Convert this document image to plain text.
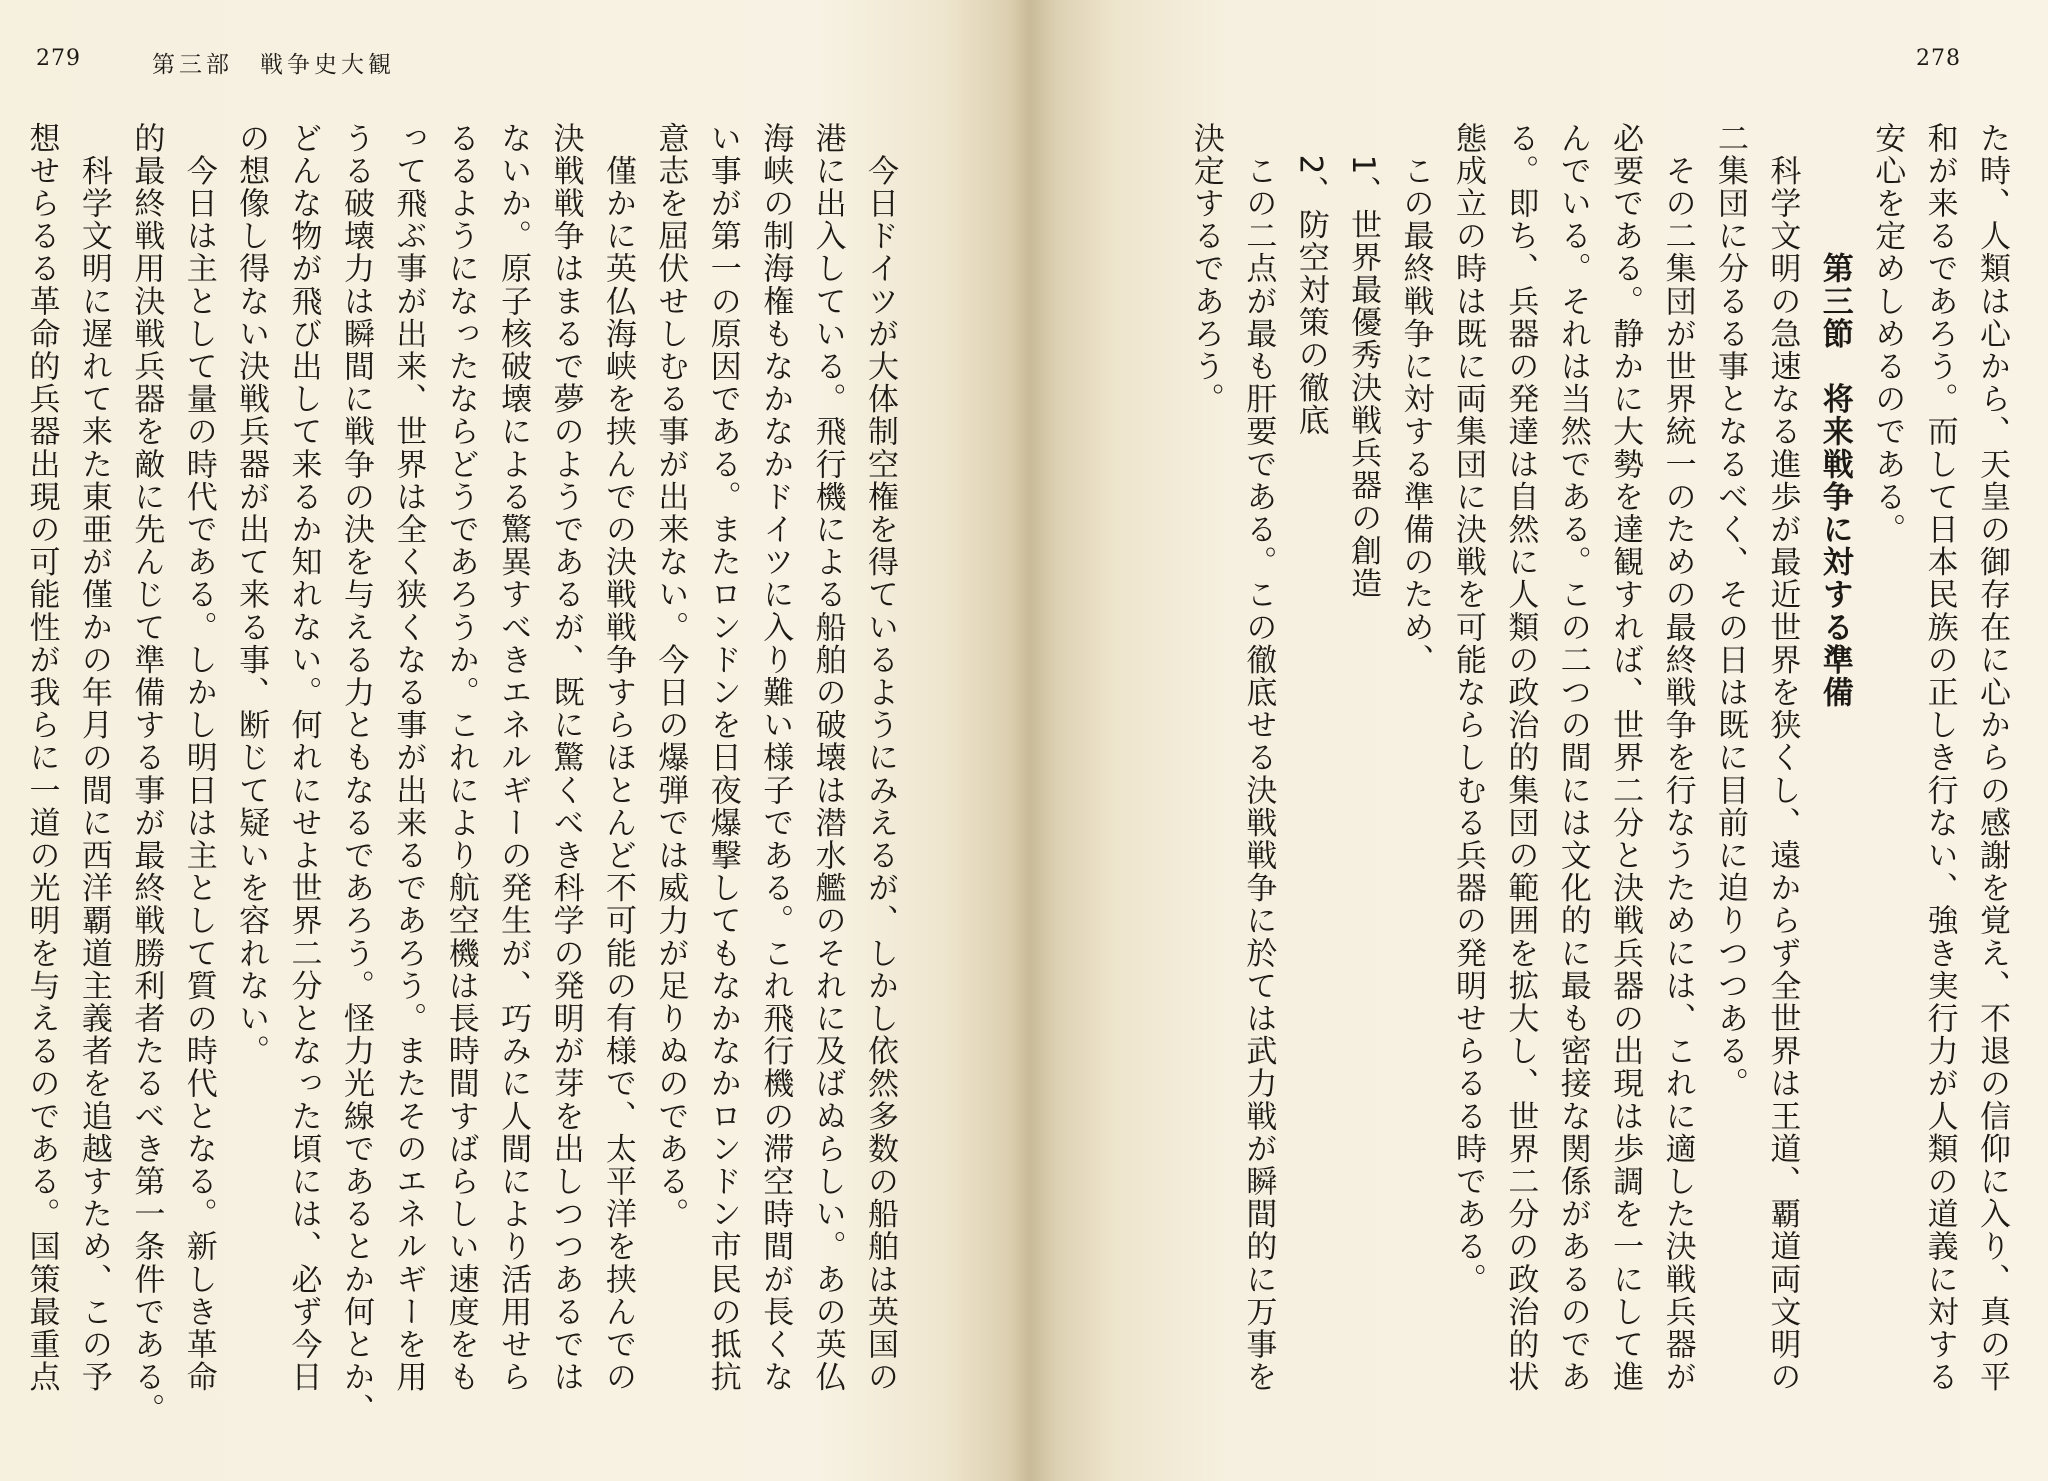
279	第三部　戦争史大観
　今日ドイツが大体制空権を得ているようにみえるが、しかし依然多数の船舶は英国の
港に出入している。飛行機による船舶の破壊は潜水艦のそれに及ばぬらしい。あの英仏
海峡の制海権もなかなかドイツに入り難い様子である。これ飛行機の滞空時間が長くな
い事が第一の原因である。またロンドンを日夜爆撃してもなかなかロンドン市民の抵抗
意志を屈伏せしむる事が出来ない。今日の爆弾では威力が足りぬのである。
　僅かに英仏海峡を挟んでの決戦戦争すらほとんど不可能の有様で、太平洋を挟んでの
決戦戦争はまるで夢のようであるが、既に驚くべき科学の発明が芽を出しつつあるでは
ないか。原子核破壊による驚異すべきエネルギーの発生が、巧みに人間により活用せら
るるようになったならどうであろうか。これにより航空機は長時間すばらしい速度をも
って飛ぶ事が出来、世界は全く狭くなる事が出来るであろう。またそのエネルギーを用
うる破壊力は瞬間に戦争の決を与える力ともなるであろう。怪力光線であるとか何とか、
どんな物が飛び出して来るか知れない。何れにせよ世界二分となった頃には、必ず今日
の想像し得ない決戦兵器が出て来る事、断じて疑いを容れない。
　今日は主として量の時代である。しかし明日は主として質の時代となる。新しき革命
的最終戦用決戦兵器を敵に先んじて準備する事が最終戦勝利者たるべき第一条件である。
　科学文明に遅れて来た東亜が僅かの年月の間に西洋覇道主義者を追越すため、この予
想せらるる革命的兵器出現の可能性が我らに一道の光明を与えるのである。国策最重点
278
た時、人類は心から、天皇の御存在に心からの感謝を覚え、不退の信仰に入り、真の平
和が来るであろう。而して日本民族の正しき行ない、強き実行力が人類の道義に対する
安心を定めしめるのである。
　　　　第三節　将来戦争に対する準備
　科学文明の急速なる進歩が最近世界を狭くし、遠からず全世界は王道、覇道両文明の
二集団に分るる事となるべく、その日は既に目前に迫りつつある。
　その二集団が世界統一のための最終戦争を行なうためには、これに適した決戦兵器が
必要である。静かに大勢を達観すれば、世界二分と決戦兵器の出現は歩調を一にして進
んでいる。それは当然である。この二つの間には文化的に最も密接な関係があるのであ
る。即ち、兵器の発達は自然に人類の政治的集団の範囲を拡大し、世界二分の政治的状
態成立の時は既に両集団に決戦を可能ならしむる兵器の発明せらるる時である。
　この最終戦争に対する準備のため、
　1、世界最優秀決戦兵器の創造
　2、防空対策の徹底
　この二点が最も肝要である。この徹底せる決戦戦争に於ては武力戦が瞬間的に万事を
決定するであろう。
